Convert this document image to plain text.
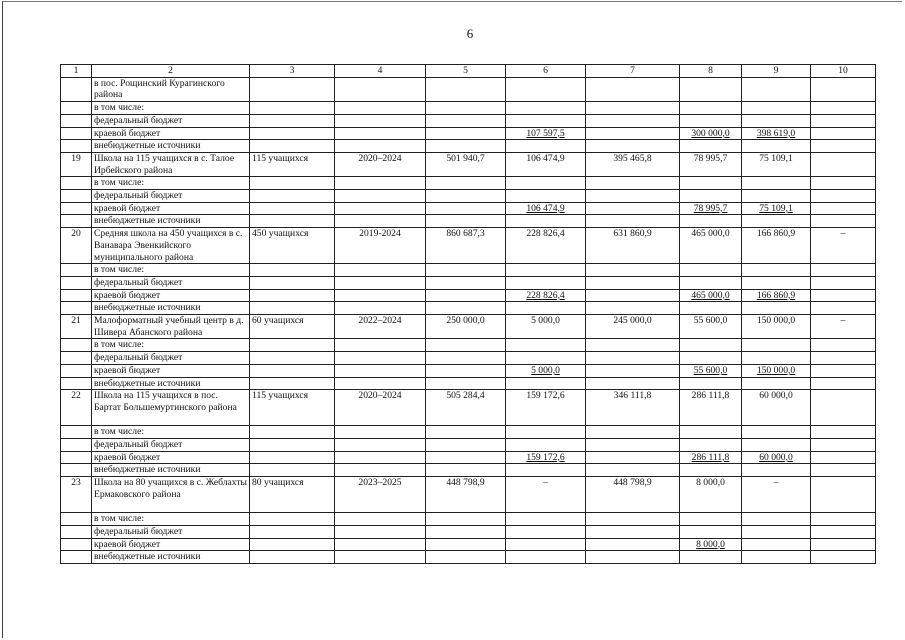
6
1	2	3	4	5	6	7	8	9	10
	в пос. Рощинский Курагинского района								
	в том числе:								
	федеральный бюджет								
	краевой бюджет				107 597,5		300 000,0	398 619,0	
	внебюджетные источники								
19	Школа на 115 учащихся в с. Талое Ирбейского района	115 учащихся	2020–2024	501 940,7	106 474,9	395 465,8	78 995,7	75 109,1	
	в том числе:								
	федеральный бюджет								
	краевой бюджет				106 474,9		78 995,7	75 109,1	
	внебюджетные источники								
20	Средняя школа на 450 учащихся в с. Ванавара Эвенкийского муниципального района	450 учащихся	2019-2024	860 687,3	228 826,4	631 860,9	465 000,0	166 860,9	–
	в том числе:								
	федеральный бюджет								
	краевой бюджет				228 826,4		465 000,0	166 860,9	
	внебюджетные источники								
21	Малоформатный учебный центр в д. Шивера Абанского района	60 учащихся	2022–2024	250 000,0	5 000,0	245 000,0	55 600,0	150 000,0	–
	в том числе:								
	федеральный бюджет								
	краевой бюджет				5 000,0		55 600,0	150 000,0	
	внебюджетные источники								
22	Школа на 115 учащихся в пос. Бартат Большемуртинского района	115 учащихся	2020–2024	505 284,4	159 172,6	346 111,8	286 111,8	60 000,0	
	в том числе:								
	федеральный бюджет								
	краевой бюджет				159 172,6		286 111,8	60 000,0	
	внебюджетные источники								
23	Школа на 80 учащихся в с. Жеблахты Ермаковского района	80 учащихся	2023–2025	448 798,9	–	448 798,9	8 000,0	–	
	в том числе:								
	федеральный бюджет								
	краевой бюджет						8 000,0		
	внебюджетные источники								
